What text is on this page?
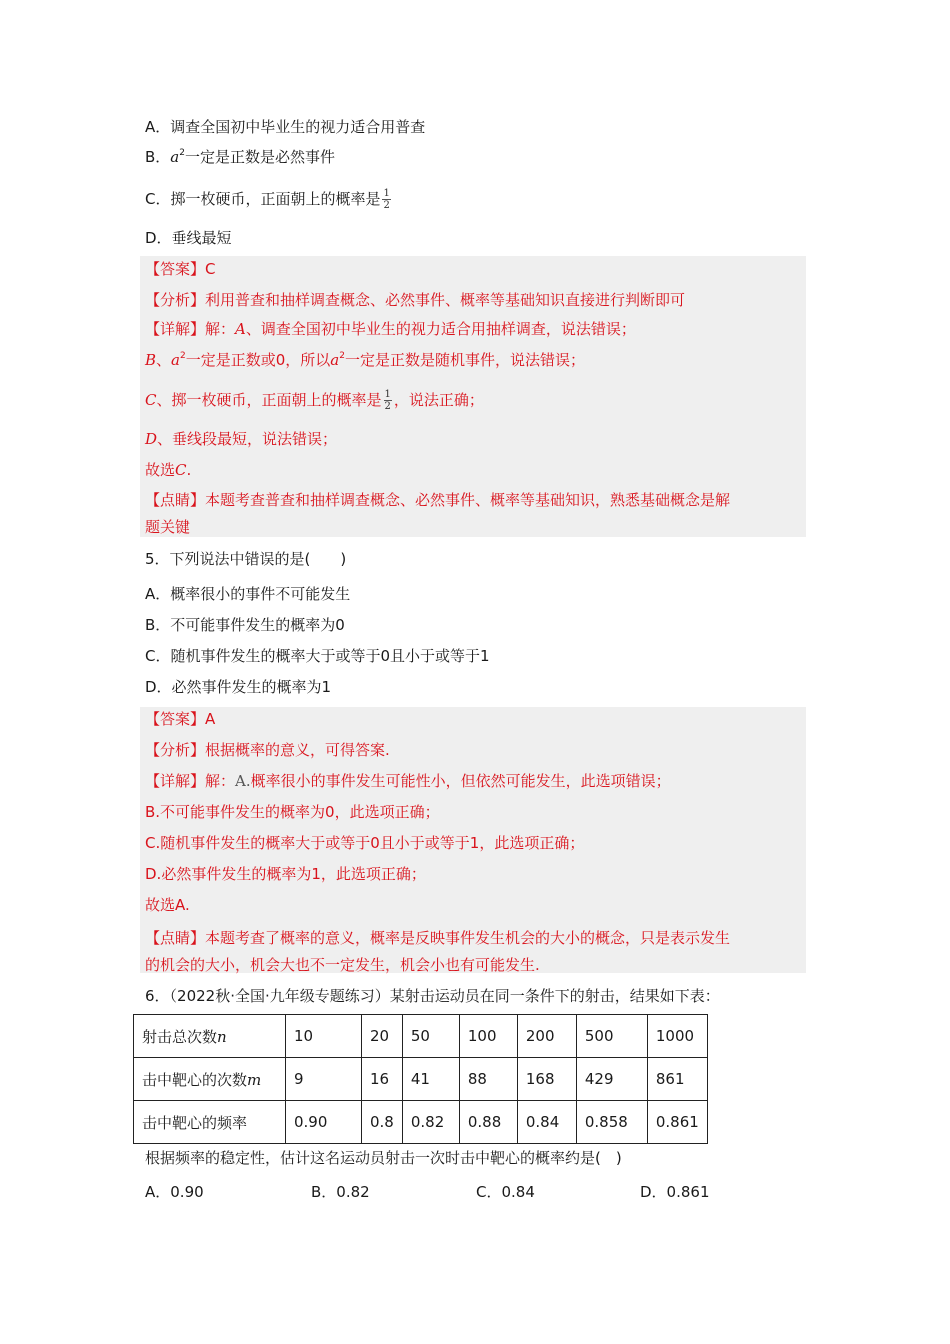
A．调查全国初中毕业生的视力适合用普查
B．$a^2$一定是正数是必然事件
C．掷一枚硬币，正面朝上的概率是 $\frac{1}{2}$
D．垂线最短
【答案】C
【分析】利用普查和抽样调查概念、必然事件、概率等基础知识直接进行判断即可
【详解】解：A、调查全国初中毕业生的视力适合用抽样调查，说法错误；
B、$a^2$一定是正数或0，所以$a^2$一定是正数是随机事件，说法错误；
C、掷一枚硬币，正面朝上的概率是 $\frac{1}{2}$ ，说法正确；
D、垂线段最短，说法错误；
故选C.
【点睛】本题考查普查和抽样调查概念、必然事件、概率等基础知识，熟悉基础概念是解
题关键
5．下列说法中错误的是(　　)
A．概率很小的事件不可能发生
B．不可能事件发生的概率为0
C．随机事件发生的概率大于或等于0且小于或等于1
D．必然事件发生的概率为1
【答案】A
【分析】根据概率的意义，可得答案.
【详解】解：A.概率很小的事件发生可能性小，但依然可能发生，此选项错误；
B.不可能事件发生的概率为0，此选项正确；
C.随机事件发生的概率大于或等于0且小于或等于1，此选项正确；
D.必然事件发生的概率为1，此选项正确；
故选A.
【点睛】本题考查了概率的意义，概率是反映事件发生机会的大小的概念，只是表示发生
的机会的大小，机会大也不一定发生，机会小也有可能发生.
6．（2022秋·全国·九年级专题练习）某射击运动员在同一条件下的射击，结果如下表：
射击总次数n	10	20	50	100	200	500	1000
击中靶心的次数m	9	16	41	88	168	429	861
击中靶心的频率	0.90	0.8	0.82	0.88	0.84	0.858	0.861
根据频率的稳定性，估计这名运动员射击一次时击中靶心的概率约是(　)
A．0.90	B．0.82	C．0.84	D．0.861
